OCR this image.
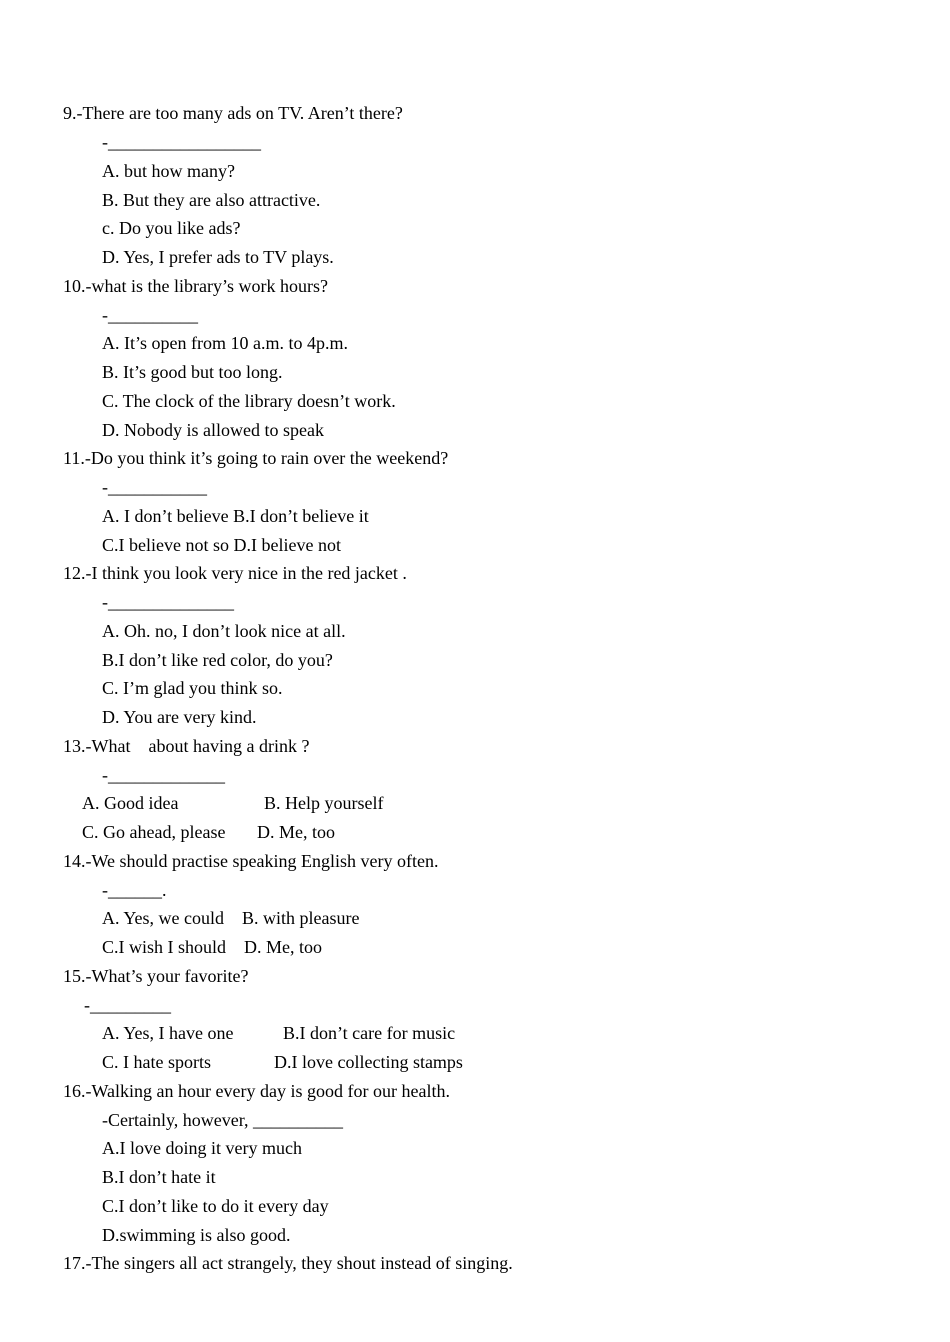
9.-There are too many ads on TV. Aren’t there?
-_________________
A. but how many?
B. But they are also attractive.
c. Do you like ads?
D. Yes, I prefer ads to TV plays.
10.-what is the library’s work hours?
-__________
A. It’s open from 10 a.m. to 4p.m.
B. It’s good but too long.
C. The clock of the library doesn’t work.
D. Nobody is allowed to speak
11.-Do you think it’s going to rain over the weekend?
-___________
A. I don’t believe B.I don’t believe it
C.I believe not so D.I believe not
12.-I think you look very nice in the red jacket .
-______________
A. Oh. no, I don’t look nice at all.
B.I don’t like red color, do you?
C. I’m glad you think so.
D. You are very kind.
13.-What    about having a drink ?
-_____________
A. Good idea                   B. Help yourself
C. Go ahead, please       D. Me, too
14.-We should practise speaking English very often.
-______.
A. Yes, we could    B. with pleasure
C.I wish I should    D. Me, too
15.-What’s your favorite?
-_________
A. Yes, I have one           B.I don’t care for music
C. I hate sports              D.I love collecting stamps
16.-Walking an hour every day is good for our health.
-Certainly, however, __________
A.I love doing it very much
B.I don’t hate it
C.I don’t like to do it every day
D.swimming is also good.
17.-The singers all act strangely, they shout instead of singing.
